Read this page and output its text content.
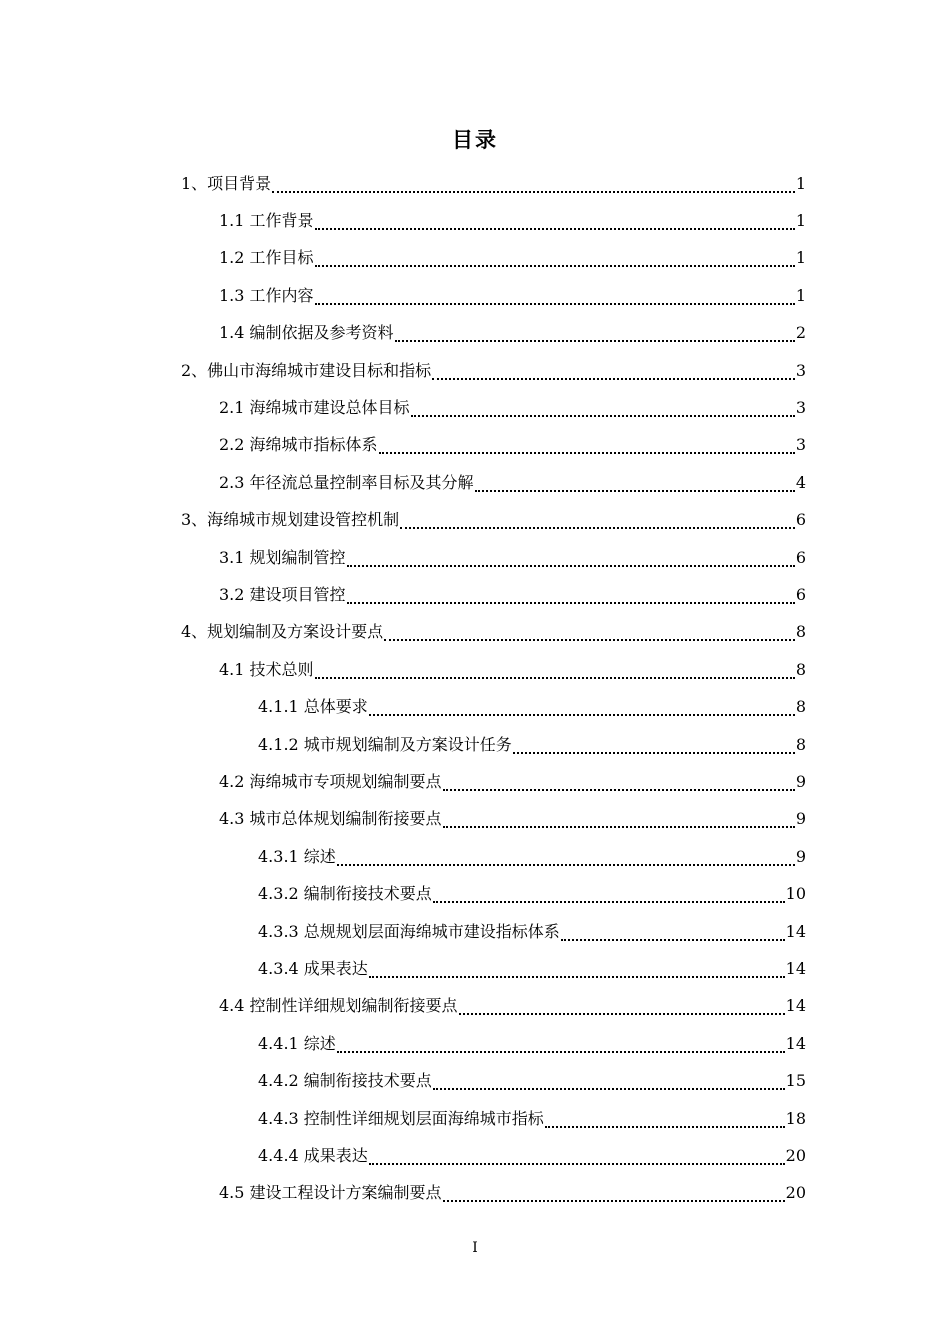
目录
1、项目背景	1
1.1 工作背景	1
1.2 工作目标	1
1.3 工作内容	1
1.4 编制依据及参考资料	2
2、佛山市海绵城市建设目标和指标	3
2.1 海绵城市建设总体目标	3
2.2 海绵城市指标体系	3
2.3 年径流总量控制率目标及其分解	4
3、海绵城市规划建设管控机制	6
3.1 规划编制管控	6
3.2 建设项目管控	6
4、规划编制及方案设计要点	8
4.1 技术总则	8
4.1.1 总体要求	8
4.1.2 城市规划编制及方案设计任务	8
4.2 海绵城市专项规划编制要点	9
4.3 城市总体规划编制衔接要点	9
4.3.1 综述	9
4.3.2 编制衔接技术要点	10
4.3.3 总规规划层面海绵城市建设指标体系	14
4.3.4 成果表达	14
4.4 控制性详细规划编制衔接要点	14
4.4.1 综述	14
4.4.2 编制衔接技术要点	15
4.4.3 控制性详细规划层面海绵城市指标	18
4.4.4 成果表达	20
4.5 建设工程设计方案编制要点	20
I
